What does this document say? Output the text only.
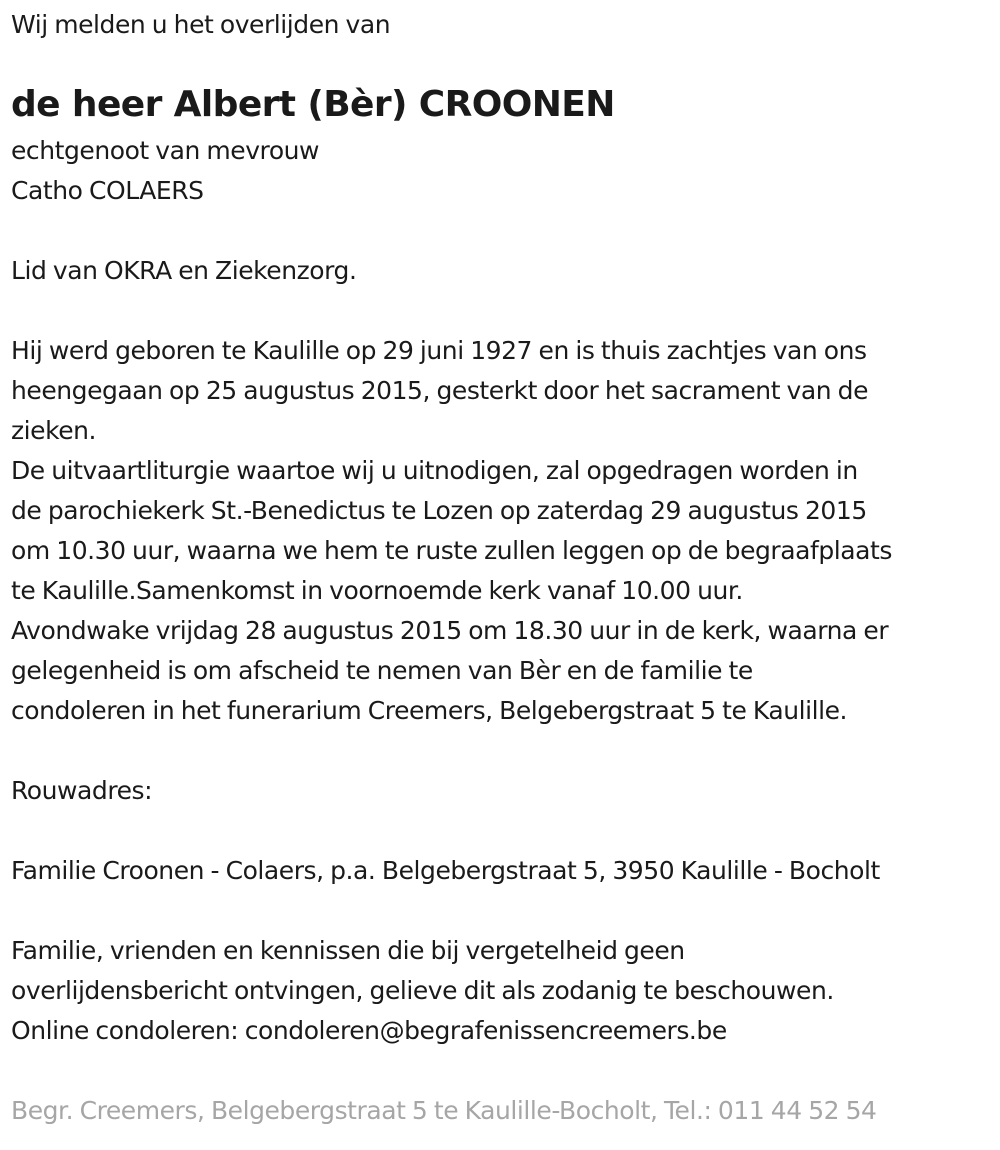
Wij melden u het overlijden van
de heer Albert (Bèr) CROONEN
echtgenoot van mevrouw
Catho COLAERS
Lid van OKRA en Ziekenzorg.
Hij werd geboren te Kaulille op 29 juni 1927 en is thuis zachtjes van ons
heengegaan op 25 augustus 2015, gesterkt door het sacrament van de
zieken.
De uitvaartliturgie waartoe wij u uitnodigen, zal opgedragen worden in
de parochiekerk St.-Benedictus te Lozen op zaterdag 29 augustus 2015
om 10.30 uur, waarna we hem te ruste zullen leggen op de begraafplaats
te Kaulille.Samenkomst in voornoemde kerk vanaf 10.00 uur.
Avondwake vrijdag 28 augustus 2015 om 18.30 uur in de kerk, waarna er
gelegenheid is om afscheid te nemen van Bèr en de familie te
condoleren in het funerarium Creemers, Belgebergstraat 5 te Kaulille.
Rouwadres:
Familie Croonen - Colaers, p.a. Belgebergstraat 5, 3950 Kaulille - Bocholt
Familie, vrienden en kennissen die bij vergetelheid geen
overlijdensbericht ontvingen, gelieve dit als zodanig te beschouwen.
Online condoleren: condoleren@begrafenissencreemers.be
Begr. Creemers, Belgebergstraat 5 te Kaulille-Bocholt, Tel.: 011 44 52 54
